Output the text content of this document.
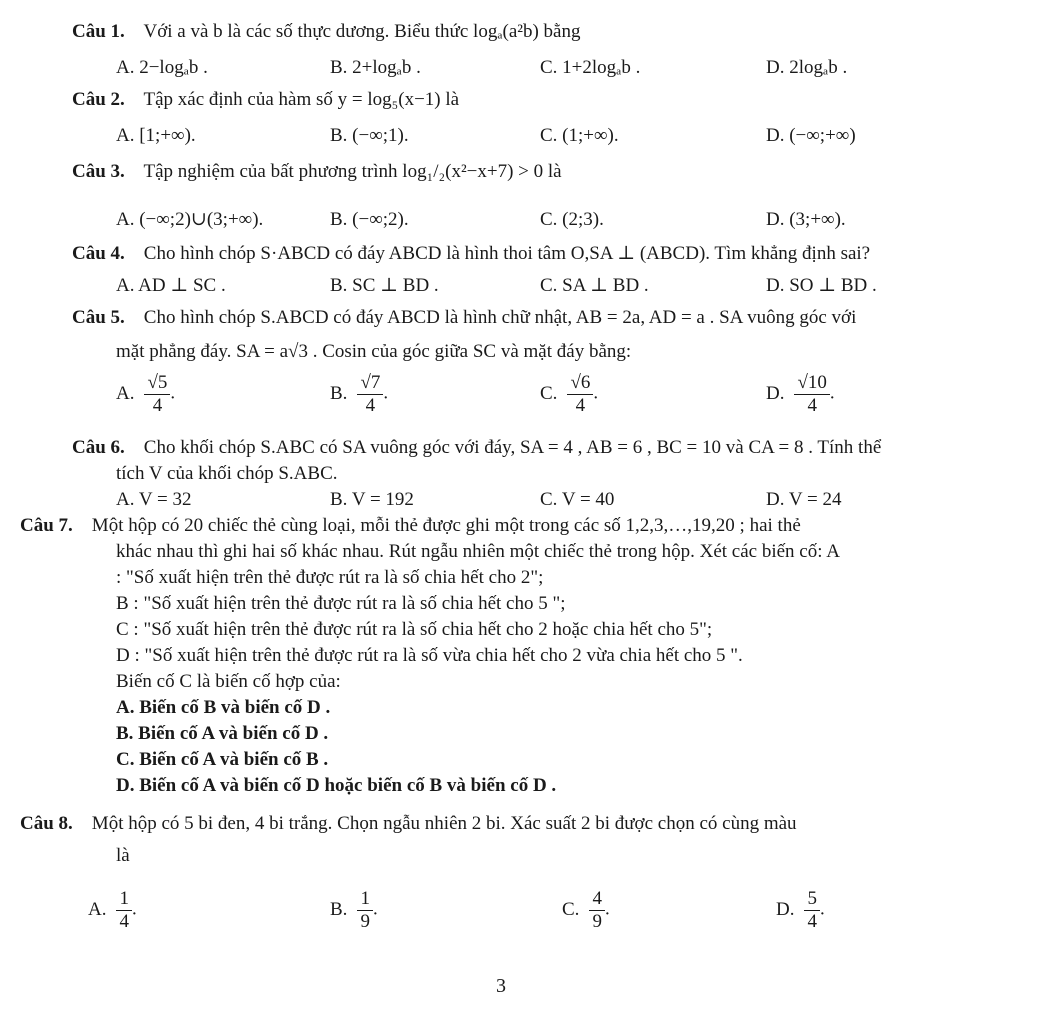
Câu 1. Với a và b là các số thực dương. Biểu thức logₐ(a²b) bằng
A. 2−logₐb .	B. 2+logₐb .	C. 1+2logₐb .	D. 2logₐb .
Câu 2. Tập xác định của hàm số y = log₅(x−1) là
A. [1;+∞).	B. (−∞;1).	C. (1;+∞).	D. (−∞;+∞)
Câu 3. Tập nghiệm của bất phương trình log₁/₂(x²−x+7) > 0 là
A. (−∞;2)∪(3;+∞).	B. (−∞;2).	C. (2;3).	D. (3;+∞).
Câu 4. Cho hình chóp S·ABCD có đáy ABCD là hình thoi tâm O,SA ⊥ (ABCD). Tìm khẳng định sai?
A. AD ⊥ SC .	B. SC ⊥ BD .	C. SA ⊥ BD .	D. SO ⊥ BD .
Câu 5. Cho hình chóp S.ABCD có đáy ABCD là hình chữ nhật, AB = 2a, AD = a . SA vuông góc với
mặt phẳng đáy. SA = a√3 . Cosin của góc giữa SC và mặt đáy bằng:
A. $\frac{√5}{4}$ .	B. $\frac{√7}{4}$ .	C. $\frac{√6}{4}$ .	D. $\frac{√10}{4}$ .
Câu 6. Cho khối chóp S.ABC có SA vuông góc với đáy, SA = 4 , AB = 6 , BC = 10 và CA = 8 . Tính thể
tích V của khối chóp S.ABC.
A. V = 32	B. V = 192	C. V = 40	D. V = 24
Câu 7. Một hộp có 20 chiếc thẻ cùng loại, mỗi thẻ được ghi một trong các số 1,2,3,…,19,20 ; hai thẻ
khác nhau thì ghi hai số khác nhau. Rút ngẫu nhiên một chiếc thẻ trong hộp. Xét các biến cố: A
: "Số xuất hiện trên thẻ được rút ra là số chia hết cho 2";
B : "Số xuất hiện trên thẻ được rút ra là số chia hết cho 5 ";
C : "Số xuất hiện trên thẻ được rút ra là số chia hết cho 2 hoặc chia hết cho 5";
D : "Số xuất hiện trên thẻ được rút ra là số vừa chia hết cho 2 vừa chia hết cho 5 ".
Biến cố C là biến cố hợp của:
A. Biến cố B và biến cố D .
B. Biến cố A và biến cố D .
C. Biến cố A và biến cố B .
D. Biến cố A và biến cố D hoặc biến cố B và biến cố D .
Câu 8. Một hộp có 5 bi đen, 4 bi trắng. Chọn ngẫu nhiên 2 bi. Xác suất 2 bi được chọn có cùng màu
là
A. $\frac{1}{4}$ .	B. $\frac{1}{9}$ .	C. $\frac{4}{9}$ .	D. $\frac{5}{4}$ .
3
